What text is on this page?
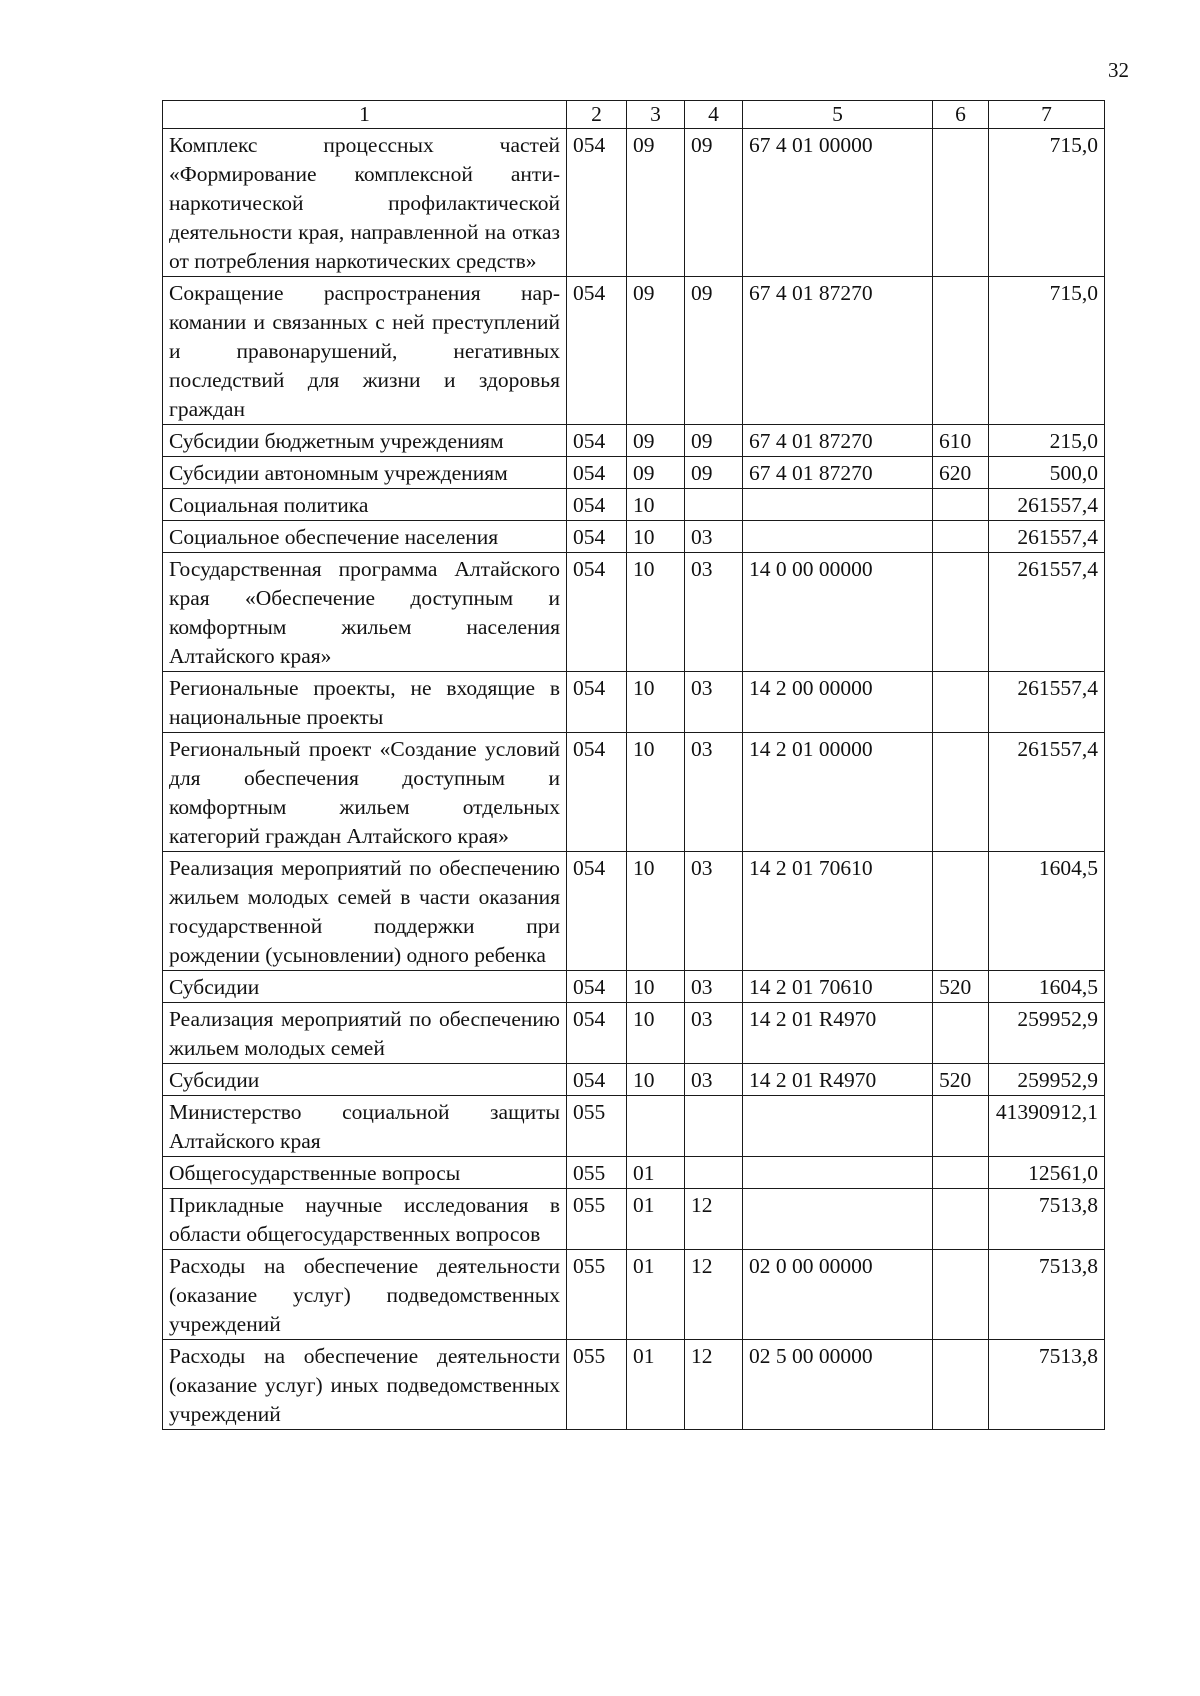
32
1	2	3	4	5	6	7
Комплекс процессных частей «Формирование комплексной антинаркотической профилактической деятельности края, направленной на отказ от потребления наркотических средств»	054	09	09	67 4 01 00000		715,0
Сокращение распространения наркомании и связанных с ней преступлений и правонарушений, негативных последствий для жизни и здоровья граждан	054	09	09	67 4 01 87270		715,0
Субсидии бюджетным учреждениям	054	09	09	67 4 01 87270	610	215,0
Субсидии автономным учреждениям	054	09	09	67 4 01 87270	620	500,0
Социальная политика	054	10				261557,4
Социальное обеспечение населения	054	10	03			261557,4
Государственная программа Алтайского края «Обеспечение доступным и комфортным жильем населения Алтайского края»	054	10	03	14 0 00 00000		261557,4
Региональные проекты, не входящие в национальные проекты	054	10	03	14 2 00 00000		261557,4
Региональный проект «Создание условий для обеспечения доступным и комфортным жильем отдельных категорий граждан Алтайского края»	054	10	03	14 2 01 00000		261557,4
Реализация мероприятий по обеспечению жильем молодых семей в части оказания государственной поддержки при рождении (усыновлении) одного ребенка	054	10	03	14 2 01 70610		1604,5
Субсидии	054	10	03	14 2 01 70610	520	1604,5
Реализация мероприятий по обеспечению жильем молодых семей	054	10	03	14 2 01 R4970		259952,9
Субсидии	054	10	03	14 2 01 R4970	520	259952,9
Министерство социальной защиты Алтайского края	055					41390912,1
Общегосударственные вопросы	055	01				12561,0
Прикладные научные исследования в области общегосударственных вопросов	055	01	12			7513,8
Расходы на обеспечение деятельности (оказание услуг) подведомственных учреждений	055	01	12	02 0 00 00000		7513,8
Расходы на обеспечение деятельности (оказание услуг) иных подведомственных учреждений	055	01	12	02 5 00 00000		7513,8
